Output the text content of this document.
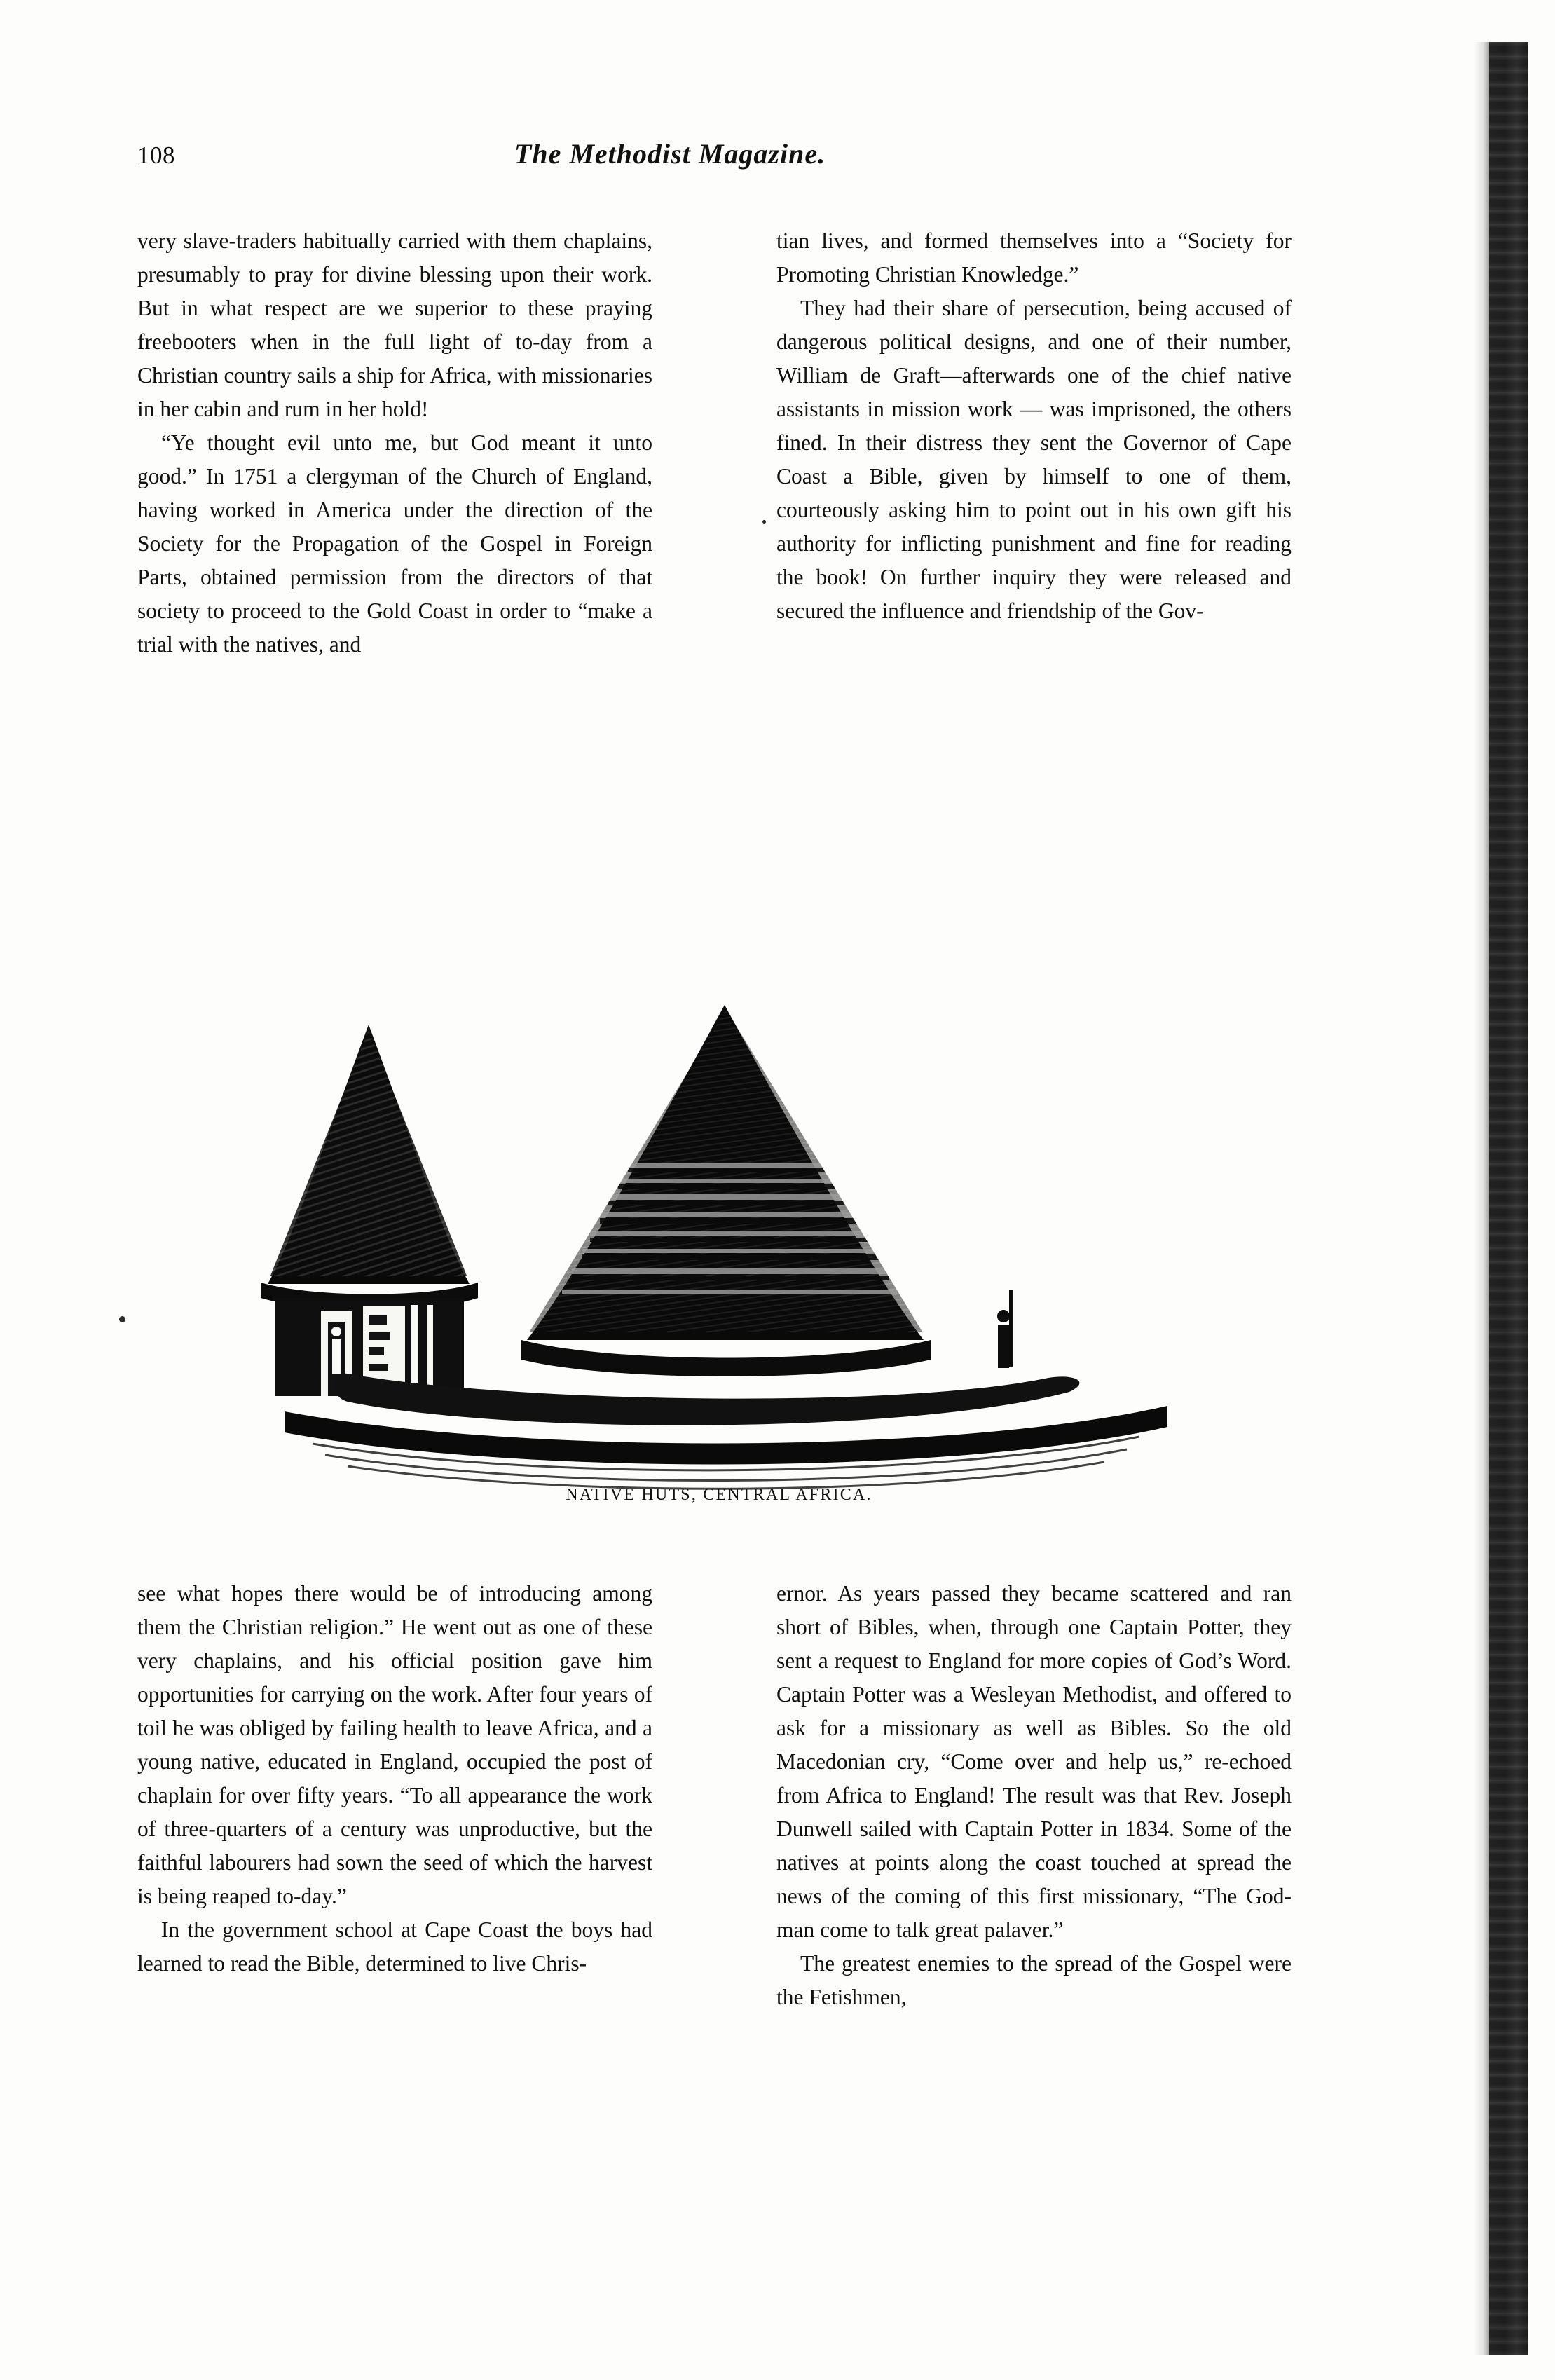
108	The Methodist Magazine.

very slave-traders habitually carried with them chaplains, presumably to pray for divine blessing upon their work. But in what respect are we superior to these praying freebooters when in the full light of to-day from a Christian country sails a ship for Africa, with missionaries in her cabin and rum in her hold!

“Ye thought evil unto me, but God meant it unto good.” In 1751 a clergyman of the Church of England, having worked in America under the direction of the Society for the Propagation of the Gospel in Foreign Parts, obtained permission from the directors of that society to proceed to the Gold Coast in order to “make a trial with the natives, and

tian lives, and formed themselves into a “Society for Promoting Christian Knowledge.”

They had their share of persecution, being accused of dangerous political designs, and one of their number, William de Graft—afterwards one of the chief native assistants in mission work — was imprisoned, the others fined. In their distress they sent the Governor of Cape Coast a Bible, given by himself to one of them, courteously asking him to point out in his own gift his authority for inflicting punishment and fine for reading the book! On further inquiry they were released and secured the influence and friendship of the Gov-

NATIVE HUTS, CENTRAL AFRICA.

see what hopes there would be of introducing among them the Christian religion.” He went out as one of these very chaplains, and his official position gave him opportunities for carrying on the work. After four years of toil he was obliged by failing health to leave Africa, and a young native, educated in England, occupied the post of chaplain for over fifty years. “To all appearance the work of three-quarters of a century was unproductive, but the faithful labourers had sown the seed of which the harvest is being reaped to-day.”

In the government school at Cape Coast the boys had learned to read the Bible, determined to live Chris-

ernor. As years passed they became scattered and ran short of Bibles, when, through one Captain Potter, they sent a request to England for more copies of God’s Word. Captain Potter was a Wesleyan Methodist, and offered to ask for a missionary as well as Bibles. So the old Macedonian cry, “Come over and help us,” re-echoed from Africa to England! The result was that Rev. Joseph Dunwell sailed with Captain Potter in 1834. Some of the natives at points along the coast touched at spread the news of the coming of this first missionary, “The God-man come to talk great palaver.”

The greatest enemies to the spread of the Gospel were the Fetishmen,
